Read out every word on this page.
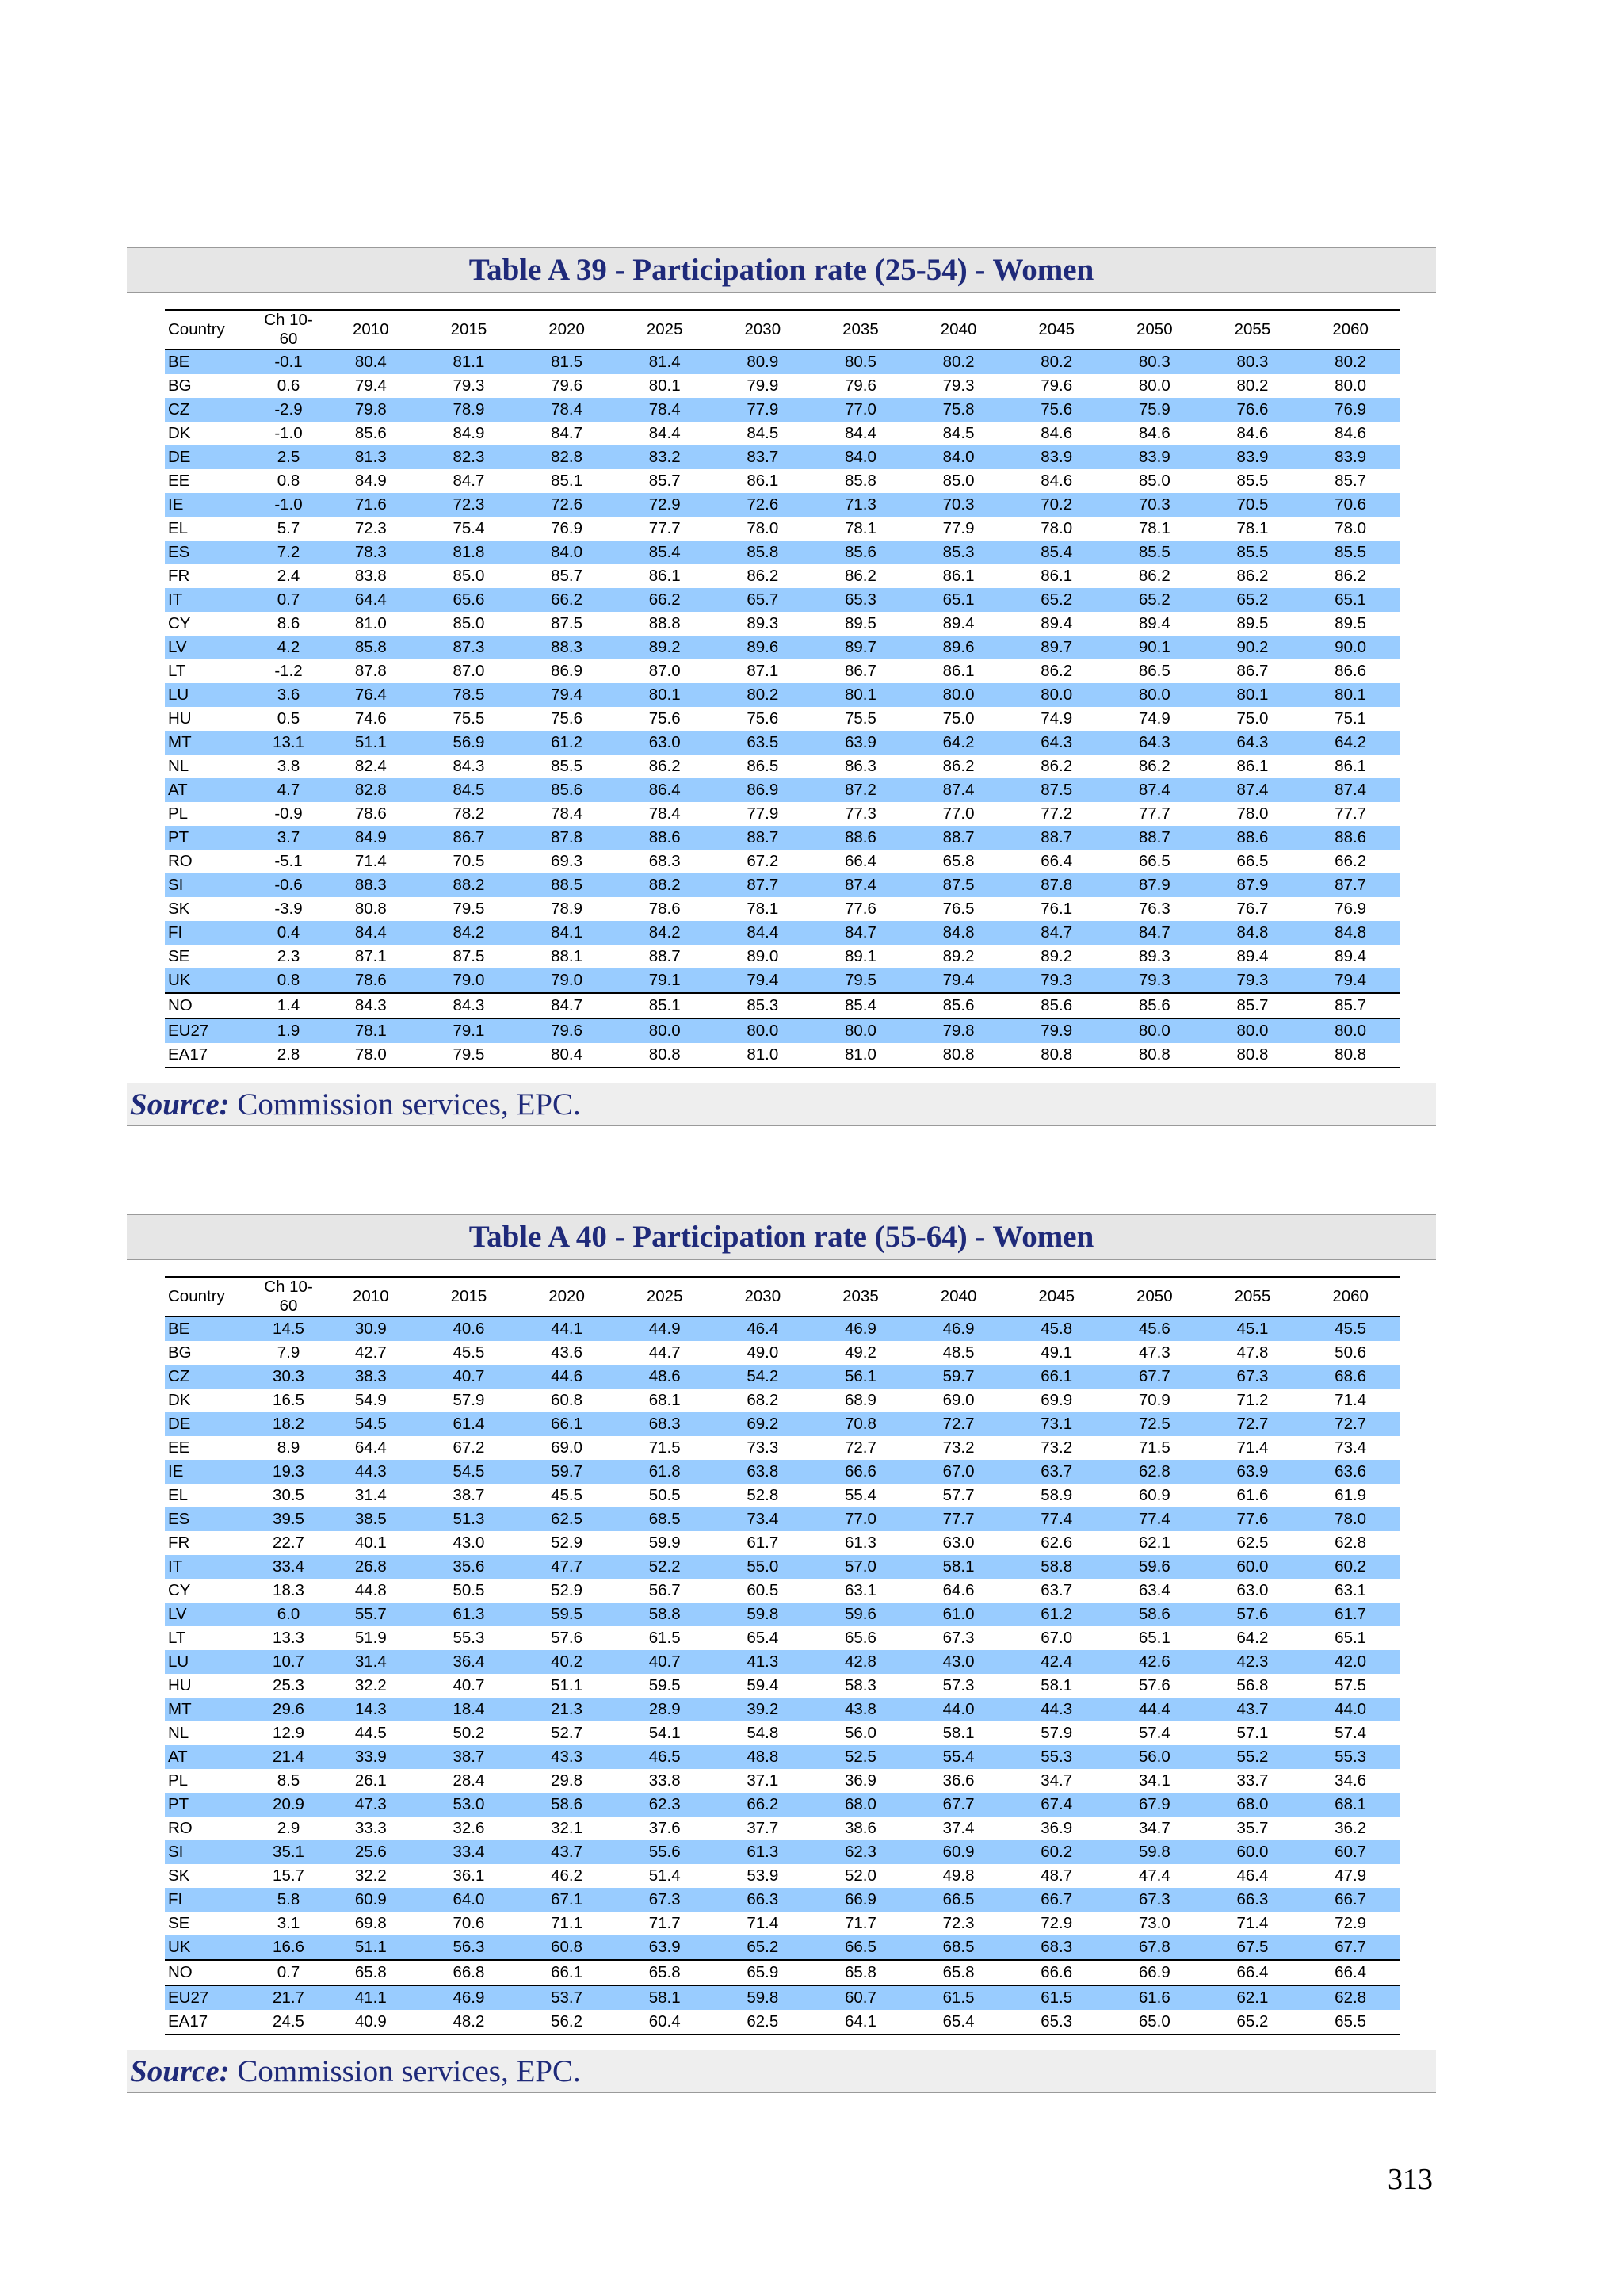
Table A 39 - Participation rate (25-54) - Women
Country	Ch 10-60	2010	2015	2020	2025	2030	2035	2040	2045	2050	2055	2060
BE	-0.1	80.4	81.1	81.5	81.4	80.9	80.5	80.2	80.2	80.3	80.3	80.2
BG	0.6	79.4	79.3	79.6	80.1	79.9	79.6	79.3	79.6	80.0	80.2	80.0
CZ	-2.9	79.8	78.9	78.4	78.4	77.9	77.0	75.8	75.6	75.9	76.6	76.9
DK	-1.0	85.6	84.9	84.7	84.4	84.5	84.4	84.5	84.6	84.6	84.6	84.6
DE	2.5	81.3	82.3	82.8	83.2	83.7	84.0	84.0	83.9	83.9	83.9	83.9
EE	0.8	84.9	84.7	85.1	85.7	86.1	85.8	85.0	84.6	85.0	85.5	85.7
IE	-1.0	71.6	72.3	72.6	72.9	72.6	71.3	70.3	70.2	70.3	70.5	70.6
EL	5.7	72.3	75.4	76.9	77.7	78.0	78.1	77.9	78.0	78.1	78.1	78.0
ES	7.2	78.3	81.8	84.0	85.4	85.8	85.6	85.3	85.4	85.5	85.5	85.5
FR	2.4	83.8	85.0	85.7	86.1	86.2	86.2	86.1	86.1	86.2	86.2	86.2
IT	0.7	64.4	65.6	66.2	66.2	65.7	65.3	65.1	65.2	65.2	65.2	65.1
CY	8.6	81.0	85.0	87.5	88.8	89.3	89.5	89.4	89.4	89.4	89.5	89.5
LV	4.2	85.8	87.3	88.3	89.2	89.6	89.7	89.6	89.7	90.1	90.2	90.0
LT	-1.2	87.8	87.0	86.9	87.0	87.1	86.7	86.1	86.2	86.5	86.7	86.6
LU	3.6	76.4	78.5	79.4	80.1	80.2	80.1	80.0	80.0	80.0	80.1	80.1
HU	0.5	74.6	75.5	75.6	75.6	75.6	75.5	75.0	74.9	74.9	75.0	75.1
MT	13.1	51.1	56.9	61.2	63.0	63.5	63.9	64.2	64.3	64.3	64.3	64.2
NL	3.8	82.4	84.3	85.5	86.2	86.5	86.3	86.2	86.2	86.2	86.1	86.1
AT	4.7	82.8	84.5	85.6	86.4	86.9	87.2	87.4	87.5	87.4	87.4	87.4
PL	-0.9	78.6	78.2	78.4	78.4	77.9	77.3	77.0	77.2	77.7	78.0	77.7
PT	3.7	84.9	86.7	87.8	88.6	88.7	88.6	88.7	88.7	88.7	88.6	88.6
RO	-5.1	71.4	70.5	69.3	68.3	67.2	66.4	65.8	66.4	66.5	66.5	66.2
SI	-0.6	88.3	88.2	88.5	88.2	87.7	87.4	87.5	87.8	87.9	87.9	87.7
SK	-3.9	80.8	79.5	78.9	78.6	78.1	77.6	76.5	76.1	76.3	76.7	76.9
FI	0.4	84.4	84.2	84.1	84.2	84.4	84.7	84.8	84.7	84.7	84.8	84.8
SE	2.3	87.1	87.5	88.1	88.7	89.0	89.1	89.2	89.2	89.3	89.4	89.4
UK	0.8	78.6	79.0	79.0	79.1	79.4	79.5	79.4	79.3	79.3	79.3	79.4
NO	1.4	84.3	84.3	84.7	85.1	85.3	85.4	85.6	85.6	85.6	85.7	85.7
EU27	1.9	78.1	79.1	79.6	80.0	80.0	80.0	79.8	79.9	80.0	80.0	80.0
EA17	2.8	78.0	79.5	80.4	80.8	81.0	81.0	80.8	80.8	80.8	80.8	80.8
Source: Commission services, EPC.
Table A 40 - Participation rate (55-64) - Women
Country	Ch 10-60	2010	2015	2020	2025	2030	2035	2040	2045	2050	2055	2060
BE	14.5	30.9	40.6	44.1	44.9	46.4	46.9	46.9	45.8	45.6	45.1	45.5
BG	7.9	42.7	45.5	43.6	44.7	49.0	49.2	48.5	49.1	47.3	47.8	50.6
CZ	30.3	38.3	40.7	44.6	48.6	54.2	56.1	59.7	66.1	67.7	67.3	68.6
DK	16.5	54.9	57.9	60.8	68.1	68.2	68.9	69.0	69.9	70.9	71.2	71.4
DE	18.2	54.5	61.4	66.1	68.3	69.2	70.8	72.7	73.1	72.5	72.7	72.7
EE	8.9	64.4	67.2	69.0	71.5	73.3	72.7	73.2	73.2	71.5	71.4	73.4
IE	19.3	44.3	54.5	59.7	61.8	63.8	66.6	67.0	63.7	62.8	63.9	63.6
EL	30.5	31.4	38.7	45.5	50.5	52.8	55.4	57.7	58.9	60.9	61.6	61.9
ES	39.5	38.5	51.3	62.5	68.5	73.4	77.0	77.7	77.4	77.4	77.6	78.0
FR	22.7	40.1	43.0	52.9	59.9	61.7	61.3	63.0	62.6	62.1	62.5	62.8
IT	33.4	26.8	35.6	47.7	52.2	55.0	57.0	58.1	58.8	59.6	60.0	60.2
CY	18.3	44.8	50.5	52.9	56.7	60.5	63.1	64.6	63.7	63.4	63.0	63.1
LV	6.0	55.7	61.3	59.5	58.8	59.8	59.6	61.0	61.2	58.6	57.6	61.7
LT	13.3	51.9	55.3	57.6	61.5	65.4	65.6	67.3	67.0	65.1	64.2	65.1
LU	10.7	31.4	36.4	40.2	40.7	41.3	42.8	43.0	42.4	42.6	42.3	42.0
HU	25.3	32.2	40.7	51.1	59.5	59.4	58.3	57.3	58.1	57.6	56.8	57.5
MT	29.6	14.3	18.4	21.3	28.9	39.2	43.8	44.0	44.3	44.4	43.7	44.0
NL	12.9	44.5	50.2	52.7	54.1	54.8	56.0	58.1	57.9	57.4	57.1	57.4
AT	21.4	33.9	38.7	43.3	46.5	48.8	52.5	55.4	55.3	56.0	55.2	55.3
PL	8.5	26.1	28.4	29.8	33.8	37.1	36.9	36.6	34.7	34.1	33.7	34.6
PT	20.9	47.3	53.0	58.6	62.3	66.2	68.0	67.7	67.4	67.9	68.0	68.1
RO	2.9	33.3	32.6	32.1	37.6	37.7	38.6	37.4	36.9	34.7	35.7	36.2
SI	35.1	25.6	33.4	43.7	55.6	61.3	62.3	60.9	60.2	59.8	60.0	60.7
SK	15.7	32.2	36.1	46.2	51.4	53.9	52.0	49.8	48.7	47.4	46.4	47.9
FI	5.8	60.9	64.0	67.1	67.3	66.3	66.9	66.5	66.7	67.3	66.3	66.7
SE	3.1	69.8	70.6	71.1	71.7	71.4	71.7	72.3	72.9	73.0	71.4	72.9
UK	16.6	51.1	56.3	60.8	63.9	65.2	66.5	68.5	68.3	67.8	67.5	67.7
NO	0.7	65.8	66.8	66.1	65.8	65.9	65.8	65.8	66.6	66.9	66.4	66.4
EU27	21.7	41.1	46.9	53.7	58.1	59.8	60.7	61.5	61.5	61.6	62.1	62.8
EA17	24.5	40.9	48.2	56.2	60.4	62.5	64.1	65.4	65.3	65.0	65.2	65.5
Source: Commission services, EPC.
313
